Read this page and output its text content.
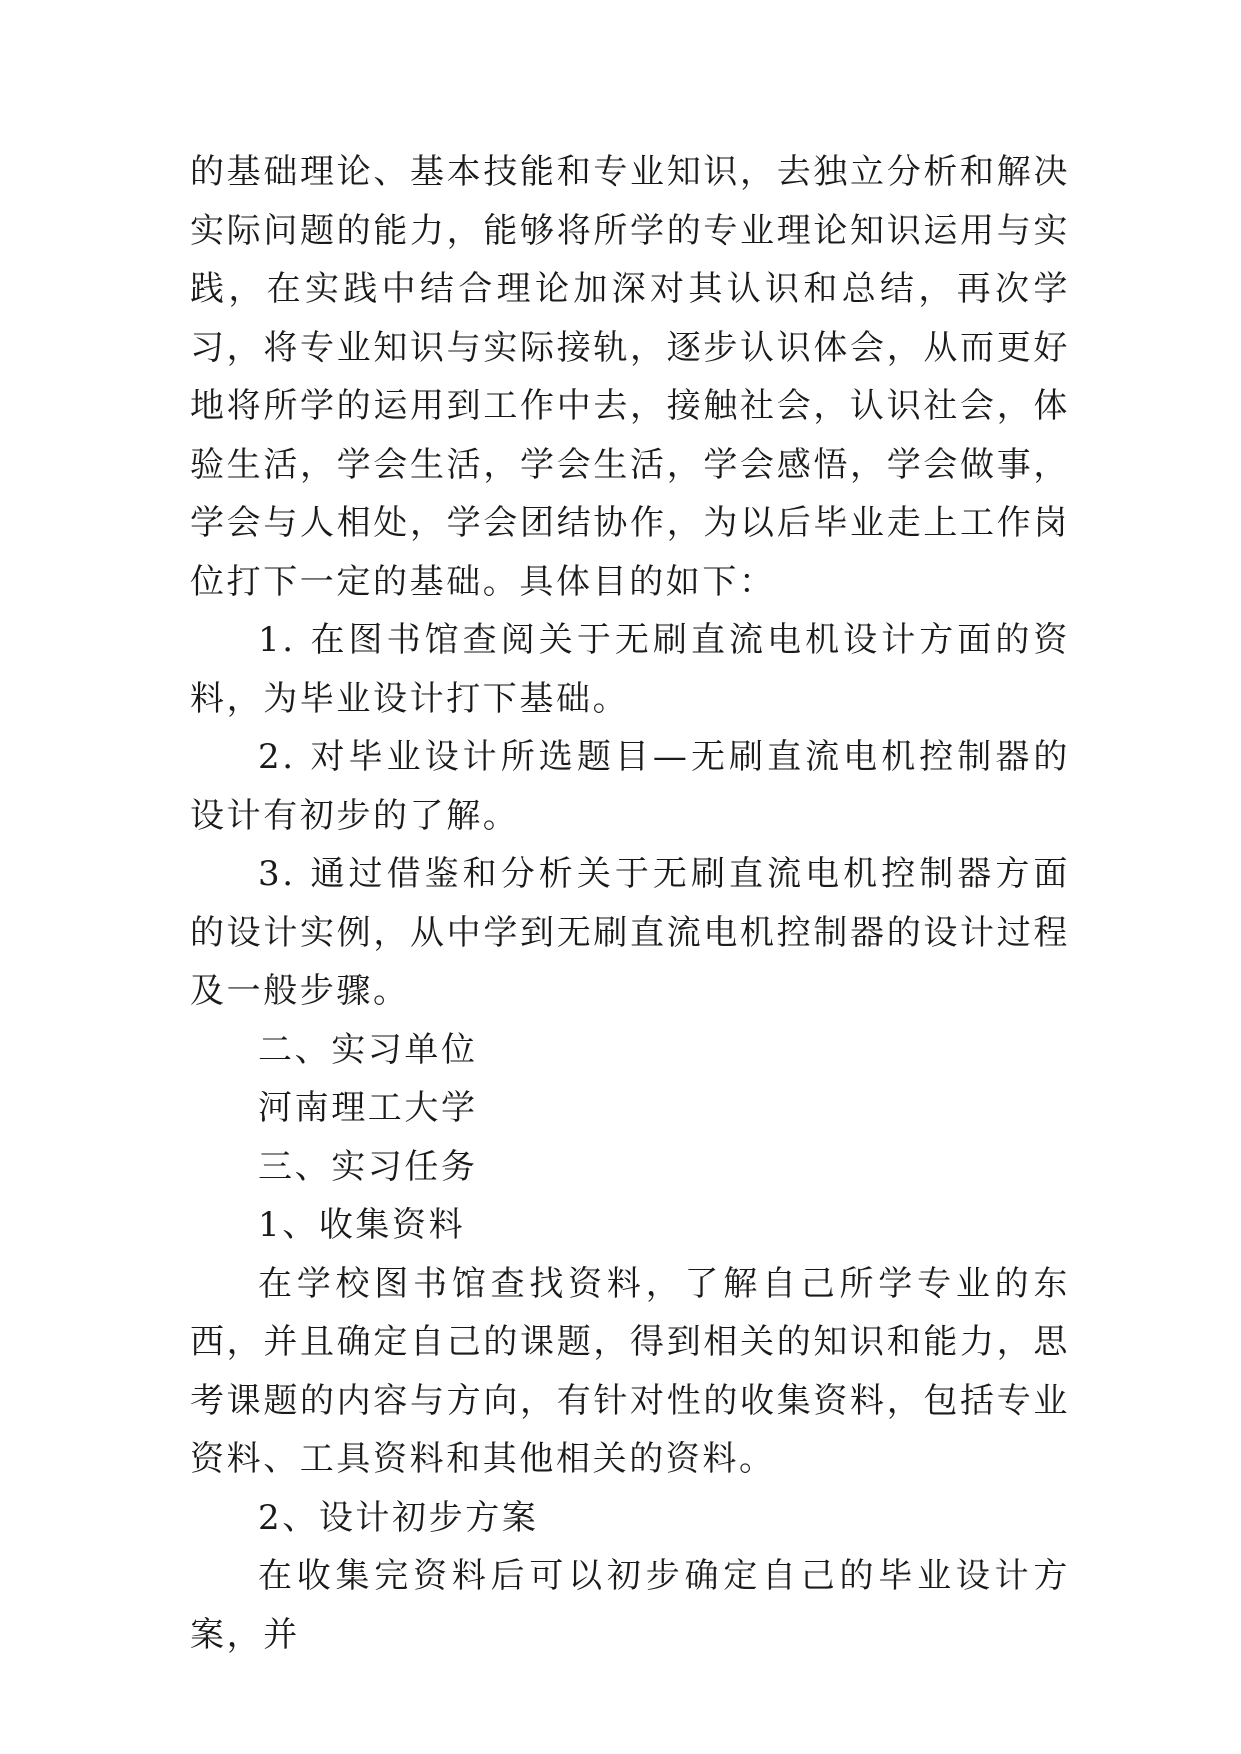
的基础理论、基本技能和专业知识，去独立分析和解决实际问题的能力，能够将所学的专业理论知识运用与实践，在实践中结合理论加深对其认识和总结，再次学习，将专业知识与实际接轨，逐步认识体会，从而更好地将所学的运用到工作中去，接触社会，认识社会，体验生活，学会生活，学会生活，学会感悟，学会做事，学会与人相处，学会团结协作，为以后毕业走上工作岗位打下一定的基础。具体目的如下：

1. 在图书馆查阅关于无刷直流电机设计方面的资料，为毕业设计打下基础。

2. 对毕业设计所选题目—无刷直流电机控制器的设计有初步的了解。

3. 通过借鉴和分析关于无刷直流电机控制器方面的设计实例，从中学到无刷直流电机控制器的设计过程及一般步骤。

二、实习单位

河南理工大学

三、实习任务

1、收集资料

在学校图书馆查找资料，了解自己所学专业的东西，并且确定自己的课题，得到相关的知识和能力，思考课题的内容与方向，有针对性的收集资料，包括专业资料、工具资料和其他相关的资料。

2、设计初步方案

在收集完资料后可以初步确定自己的毕业设计方案，并
